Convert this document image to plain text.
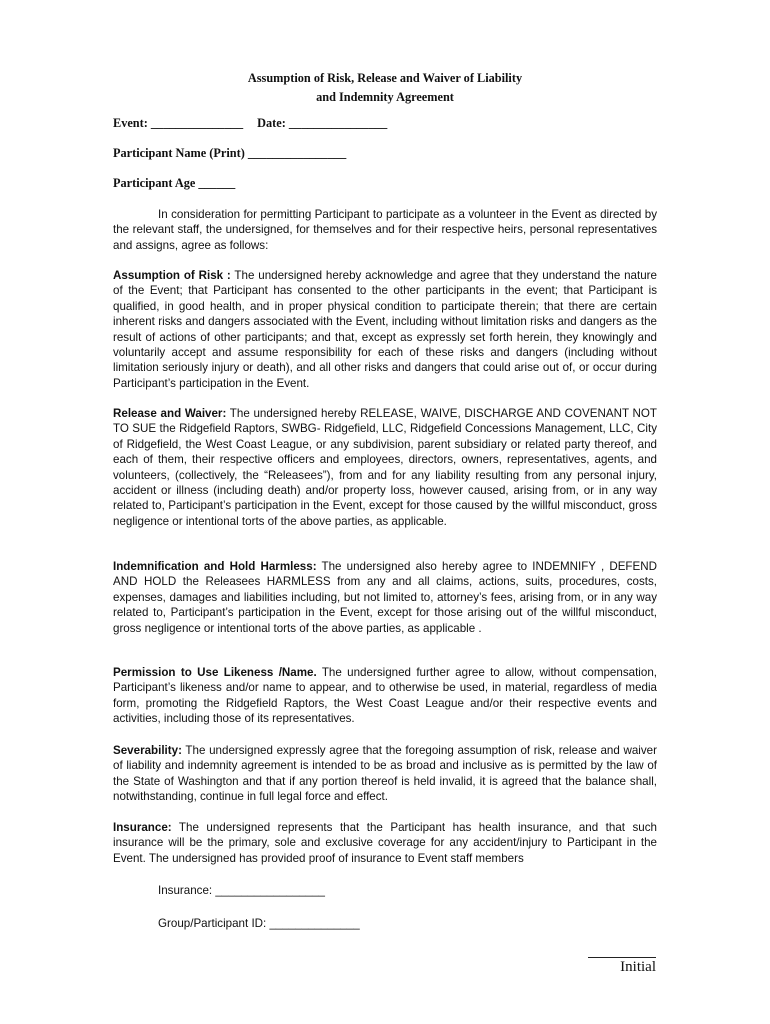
Assumption of Risk, Release and Waiver of Liability
and Indemnity Agreement
Event: _______________ Date: ________________
Participant Name (Print) ________________
Participant Age ______

In consideration for permitting Participant to participate as a volunteer in the Event as directed by the relevant staff, the undersigned, for themselves and for their respective heirs, personal representatives and assigns, agree as follows:

Assumption of Risk : The undersigned hereby acknowledge and agree that they understand the nature of the Event; that Participant has consented to the other participants in the event; that Participant is qualified, in good health, and in proper physical condition to participate therein; that there are certain inherent risks and dangers associated with the Event, including without limitation risks and dangers as the result of actions of other participants; and that, except as expressly set forth herein, they knowingly and voluntarily accept and assume responsibility for each of these risks and dangers (including without limitation seriously injury or death), and all other risks and dangers that could arise out of, or occur during Participant’s participation in the Event.

Release and Waiver: The undersigned hereby RELEASE, WAIVE, DISCHARGE AND COVENANT NOT TO SUE the Ridgefield Raptors, SWBG- Ridgefield, LLC, Ridgefield Concessions Management, LLC, City of Ridgefield, the West Coast League, or any subdivision, parent subsidiary or related party thereof, and each of them, their respective officers and employees, directors, owners, representatives, agents, and volunteers, (collectively, the “Releasees”), from and for any liability resulting from any personal injury, accident or illness (including death) and/or property loss, however caused, arising from, or in any way related to, Participant’s participation in the Event, except for those caused by the willful misconduct, gross negligence or intentional torts of the above parties, as applicable.

Indemnification and Hold Harmless: The undersigned also hereby agree to INDEMNIFY , DEFEND AND HOLD the Releasees HARMLESS from any and all claims, actions, suits, procedures, costs, expenses, damages and liabilities including, but not limited to, attorney’s fees, arising from, or in any way related to, Participant’s participation in the Event, except for those arising out of the willful misconduct, gross negligence or intentional torts of the above parties, as applicable .

Permission to Use Likeness /Name. The undersigned further agree to allow, without compensation, Participant’s likeness and/or name to appear, and to otherwise be used, in material, regardless of media form, promoting the Ridgefield Raptors, the West Coast League and/or their respective events and activities, including those of its representatives.

Severability: The undersigned expressly agree that the foregoing assumption of risk, release and waiver of liability and indemnity agreement is intended to be as broad and inclusive as is permitted by the law of the State of Washington and that if any portion thereof is held invalid, it is agreed that the balance shall, notwithstanding, continue in full legal force and effect.

Insurance: The undersigned represents that the Participant has health insurance, and that such insurance will be the primary, sole and exclusive coverage for any accident/injury to Participant in the Event. The undersigned has provided proof of insurance to Event staff members

Insurance: _________________
Group/Participant ID: ______________
Initial
